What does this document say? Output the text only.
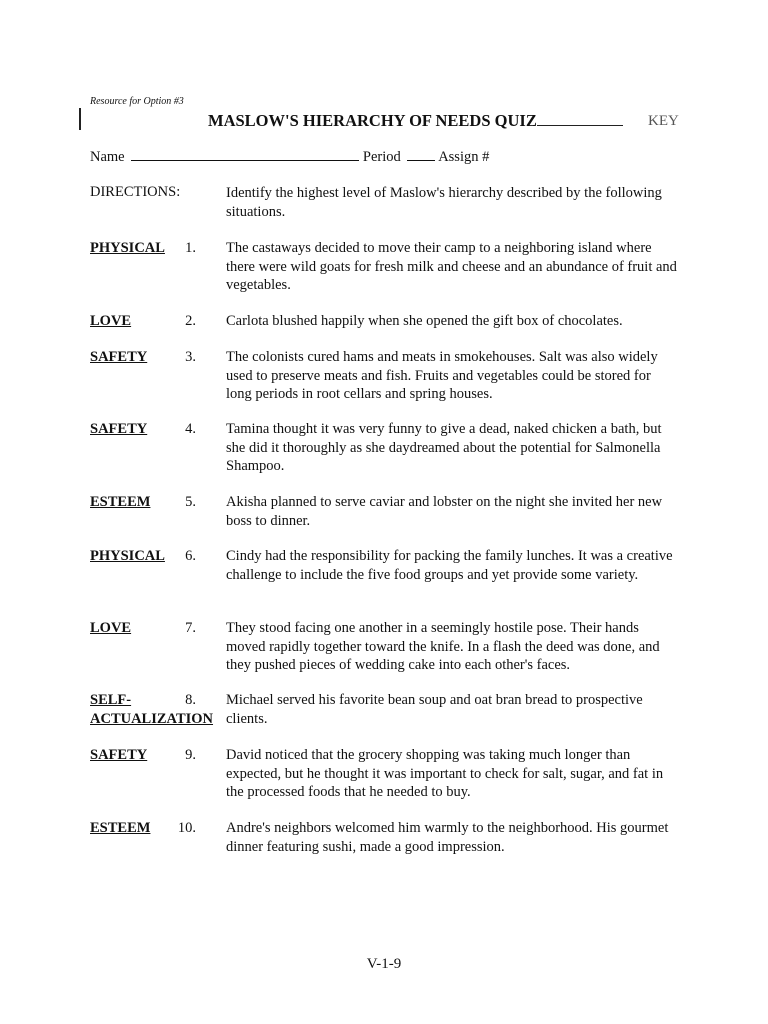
Resource for Option #3
MASLOW'S HIERARCHY OF NEEDS QUIZ	KEY
Name	Period	Assign #
DIRECTIONS:	Identify the highest level of Maslow's hierarchy described by the following situations.
PHYSICAL	1. The castaways decided to move their camp to a neighboring island where there were wild goats for fresh milk and cheese and an abundance of fruit and vegetables.
LOVE	2. Carlota blushed happily when she opened the gift box of chocolates.
SAFETY	3. The colonists cured hams and meats in smokehouses. Salt was also widely used to preserve meats and fish. Fruits and vegetables could be stored for long periods in root cellars and spring houses.
SAFETY	4. Tamina thought it was very funny to give a dead, naked chicken a bath, but she did it thoroughly as she daydreamed about the potential for Salmonella Shampoo.
ESTEEM	5. Akisha planned to serve caviar and lobster on the night she invited her new boss to dinner.
PHYSICAL	6. Cindy had the responsibility for packing the family lunches. It was a creative challenge to include the five food groups and yet provide some variety.
LOVE	7. They stood facing one another in a seemingly hostile pose. Their hands moved rapidly together toward the knife. In a flash the deed was done, and they pushed pieces of wedding cake into each other's faces.
SELF-
ACTUALIZATION
8. Michael served his favorite bean soup and oat bran bread to prospective clients.
SAFETY	9. David noticed that the grocery shopping was taking much longer than expected, but he thought it was important to check for salt, sugar, and fat in the processed foods that he needed to buy.
ESTEEM	10. Andre's neighbors welcomed him warmly to the neighborhood. His gourmet dinner featuring sushi, made a good impression.
V-1-9
